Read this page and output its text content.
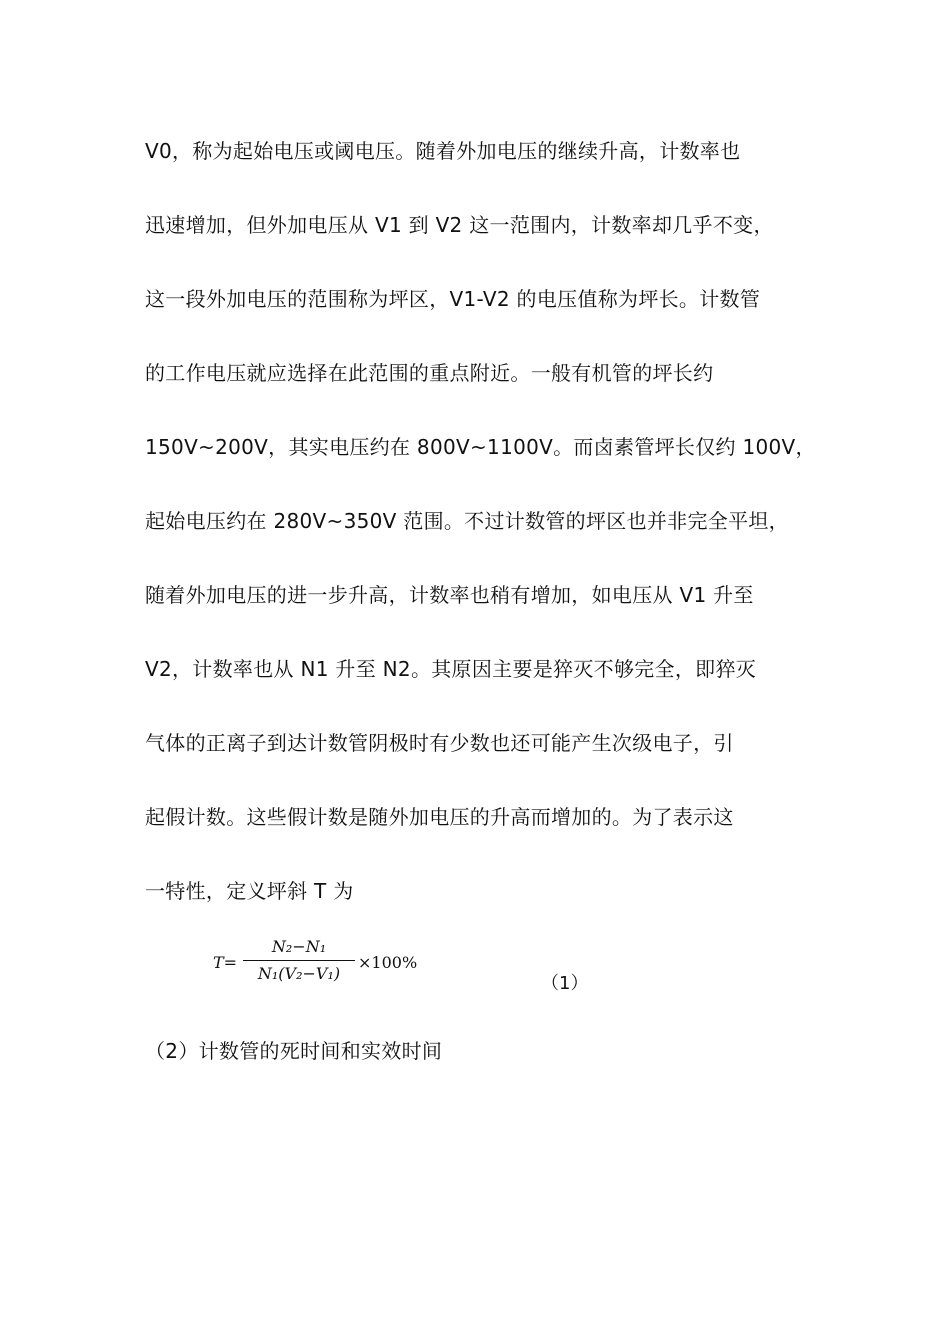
V0，称为起始电压或阈电压。随着外加电压的继续升高，计数率也
迅速增加，但外加电压从 V1 到 V2 这一范围内，计数率却几乎不变，
这一段外加电压的范围称为坪区，V1-V2 的电压值称为坪长。计数管
的工作电压就应选择在此范围的重点附近。一般有机管的坪长约
150V~200V，其实电压约在 800V~1100V。而卤素管坪长仅约 100V，
起始电压约在 280V~350V 范围。不过计数管的坪区也并非完全平坦，
随着外加电压的进一步升高，计数率也稍有增加，如电压从 V1 升至
V2，计数率也从 N1 升至 N2。其原因主要是猝灭不够完全，即猝灭
气体的正离子到达计数管阴极时有少数也还可能产生次级电子，引
起假计数。这些假计数是随外加电压的升高而增加的。为了表示这
一特性，定义坪斜 T 为
T=
N₂−N₁
N₁(V₂−V₁)
×100%
（1）
（2）计数管的死时间和实效时间
